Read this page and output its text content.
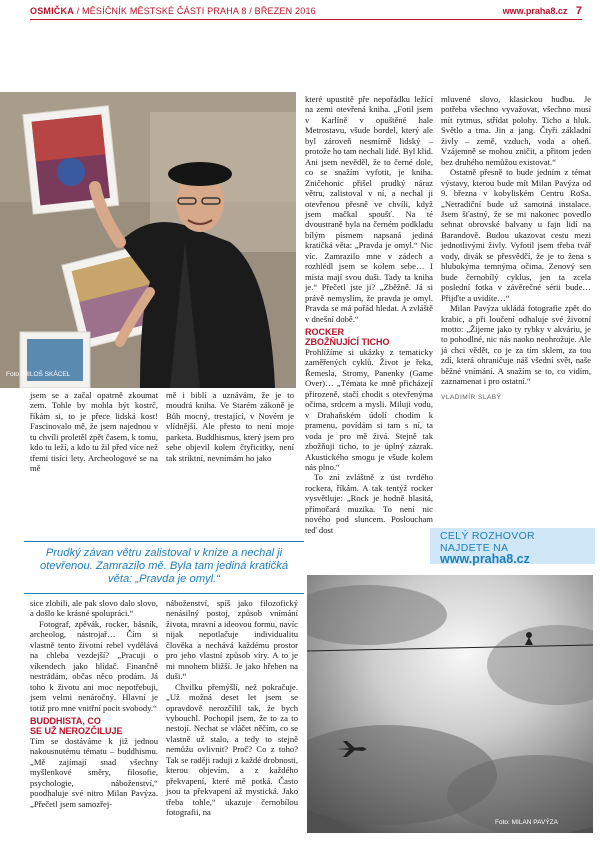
OSMIČKA / MĚSÍČNÍK MĚSTSKÉ ČÁSTI PRAHA 8 / BŘEZEN 2016	www.praha8.cz 7
Foto: MILOŠ SKÁCEL

jsem se a začal opatrně zkoumat zem. Tohle by mohla být kostrč, říkám si, to je přece lidská kost! Fascinovalo mě, že jsem najednou v tu chvíli proletěl zpět časem, k tomu, kdo tu leží, a kdo tu žil před více než třemi tisíci lety. Archeologové se na mě

mě i biblí a uznávám, že je to moudrá kniha. Ve Starém zákoně je Bůh mocný, trestající, v Novém je vlídnější. Ale přesto to není moje parketa. Buddhismus, který jsem pro sebe objevil kolem čtyřicítky, není tak striktní, nevnímám ho jako

které upustitě pře nepořádku ležící na zemi otevřená kniha. „Fotil jsem v Karlíně v opuštěné hale Metrostavu, všude bordel, který ale byl zároveň nesmírně lidský – protože ho tam nechali lidé. Byl klid. Ani jsem nevěděl, že to černé dole, co se snažím vyfotit, je kniha. Zničehonic přišel prudký náraz větru, zalistoval v ní, a nechal ji otevřenou přesně ve chvíli, když jsem mačkal spoušť. Na té dvoustraně byla na černém podkladu bílým písmem napsaná jediná kratičká věta: „Pravda je omyl.“ Nic víc. Zamrazilo mne v zádech a rozhlédl jsem se kolem sebe… I místa mají svou duši. Tady ta kniha je.“ Přečetl jste ji? „Zběžně. Já si právě nemyslím, že pravda je omyl. Pravda se má pořád hledat. A zvláště v dnešní době.“

ROCKER
ZBOŽŇUJÍCÍ TICHO

Prohlížíme si ukázky z tematicky zaměřených cyklů. Život je řeka, Řemesla, Stromy, Panenky (Game Over)… „Témata ke mně přicházejí přirozeně, stačí chodit s otevřenýma očima, srdcem a mysli. Miluji vodu, v Drahaňském údolí chodím k pramenu, povídám si tam s ní, ta voda je pro mě živá. Stejně tak zbožňuji ticho, to je úplný zázrak. Akustického smogu je všude kolem nás plno.“

To zní zvláštně z úst tvrdého rockera, říkám. A tak tentýž rocker vysvětluje: „Rock je hodně hlasitá, přímočará muzika. To není nic nového pod sluncem. Posloucham teď dost

mluvené slovo, klasickou hudbu. Je potřeba všechno vyvažovat, všechno musí mít rytmus, střídat polohy. Ticho a hluk. Světlo a tma. Jin a jang. Čtyři základní živly – země, vzduch, voda a oheň. Vzájemně se mohou zničit, a přitom jeden bez druhého nemůžou existovat.“

Ostatně přesně to bude jedním z témat výstavy, kterou bude mít Milan Pavýza od 9. března v kobyliském Centru RoSa. „Netradiční bude už samotná instalace. Jsem šťastný, že se mi nakonec povedlo sehnat obrovské balvany u fajn lidí na Barandově. Budou ukazovat cestu mezi jednotlivými živly. Vyfotil jsem třeba tvář vody, divák se přesvědčí, že je to žena s hlubokýma temnýma očima. Zenový sen bude černobílý cyklus, jen ta zcela poslední fotka v závěrečné sérii bude… Přijďte a uvidíte…“

Milan Pavýza ukládá fotografie zpět do krabic, a při loučení odhaluje své životní motto: „Žijeme jako ty rybky v akváriu, je to pohodlné, nic nás naoko neohrožuje. Ale já chci vědět, co je za tím sklem, za tou zdí, která ohraničuje náš všední svět, naše běžné vnímání. A snažím se to, co vidím, zaznamenat i pro ostatní.“

VLADIMÍR SLABÝ
CELÝ ROZHOVOR
NAJDETE NA
www.praha8.cz
Prudký závan větru zalistoval v knize a nechal ji otevřenou. Zamrazilo mě. Byla tam jediná kratičká věta: „Pravda je omyl.“

sice zlobili, ale pak slovo dalo slovo, a došlo ke krásné spolupráci.“

Fotograf, zpěvák, rocker, básník, archeolog, nástrojař… Čím si vlastně tento životní rebel vydělává na chleba vezdejší? „Pracuji o víkendech jako hlídač. Finančně nestrádám, občas něco prodám. Já toho k životu ani moc nepotřebuji, jsem velmi nenáročný. Hlavní je totiž pro mne vnitřní pocit svobody.“

BUDDHISTA, CO
SE UŽ NEROZČILUJE

Tím se dostáváme k již jednou nakousnutému tématu – buddhismu. „Mě zajímají snad všechny myšlenkové směry, filosofie, psychologie, náboženství,“ poodhaluje své nitro Milan Pavýza. „Přečetl jsem samozřej-

náboženství, spíš jako filozofický nenásilný postoj, způsob vnímání života, mravní a ideovou formu, navíc nijak nepotlačuje individualitu člověka a nechává každému prostor pro jeho vlastní způsob víry. A to je mi mnohem bližší. Je jako hřeben na duši.“

Chvilku přemýšlí, než pokračuje. „Už možná deset let jsem se opravdově nerozčílil tak, že bych vybouchl. Pochopil jsem, že to za to nestojí. Nechat se vláčet něčím, co se vlastně už stalo, a tedy to stejně nemůžu ovlivnit? Proč? Co z toho? Tak se raději raduji z každé drobnosti, kterou objevím, a z každého překvapení, které mě potká. Často jsou ta překvapení až mystická. Jako třeba tohle,“ ukazuje černobílou fotografii, na

Foto: MILAN PAVÝZA
